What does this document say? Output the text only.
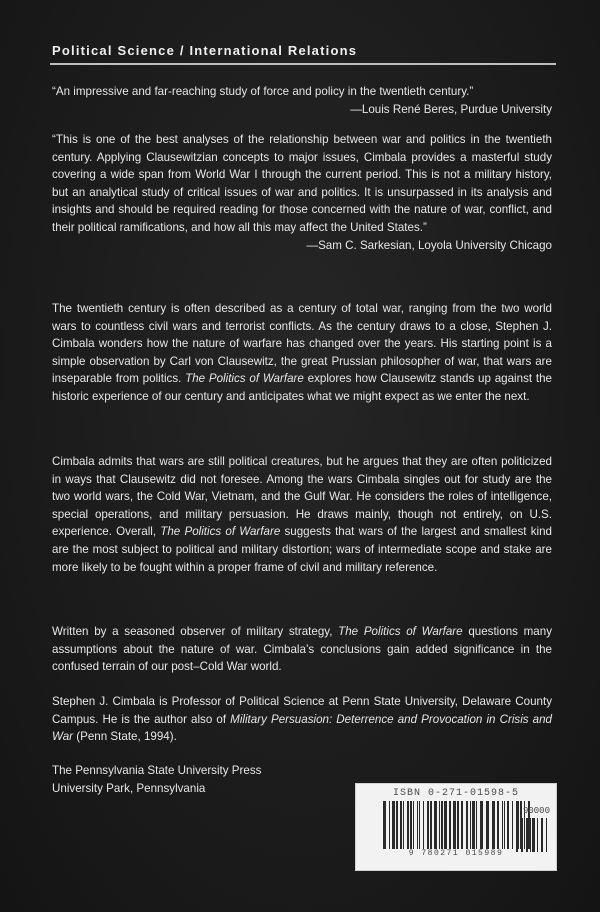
Political Science / International Relations

“An impressive and far-reaching study of force and policy in the twentieth century.”

—Louis René Beres, Purdue University

“This is one of the best analyses of the relationship between war and politics in the twentieth century. Applying Clausewitzian concepts to major issues, Cimbala provides a masterful study covering a wide span from World War I through the current period. This is not a military history, but an analytical study of critical issues of war and politics. It is unsurpassed in its analysis and insights and should be required reading for those concerned with the nature of war, conflict, and their political ramifications, and how all this may affect the United States.”

—Sam C. Sarkesian, Loyola University Chicago

The twentieth century is often described as a century of total war, ranging from the two world wars to countless civil wars and terrorist conflicts. As the century draws to a close, Stephen J. Cimbala wonders how the nature of warfare has changed over the years. His starting point is a simple observation by Carl von Clausewitz, the great Prussian philosopher of war, that wars are inseparable from politics. The Politics of Warfare explores how Clausewitz stands up against the historic experience of our century and anticipates what we might expect as we enter the next.

Cimbala admits that wars are still political creatures, but he argues that they are often politicized in ways that Clausewitz did not foresee. Among the wars Cimbala singles out for study are the two world wars, the Cold War, Vietnam, and the Gulf War. He considers the roles of intelligence, special operations, and military persuasion. He draws mainly, though not entirely, on U.S. experience. Overall, The Politics of Warfare suggests that wars of the largest and smallest kind are the most subject to political and military distortion; wars of intermediate scope and stake are more likely to be fought within a proper frame of civil and military reference.

Written by a seasoned observer of military strategy, The Politics of Warfare questions many assumptions about the nature of war. Cimbala’s conclusions gain added significance in the confused terrain of our post–Cold War world.

Stephen J. Cimbala is Professor of Political Science at Penn State University, Delaware County Campus. He is the author also of Military Persuasion: Deterrence and Provocation in Crisis and War (Penn State, 1994).

The Pennsylvania State University Press

University Park, Pennsylvania	ISBN 0-271-01598-5
9 780271 015989
90000
